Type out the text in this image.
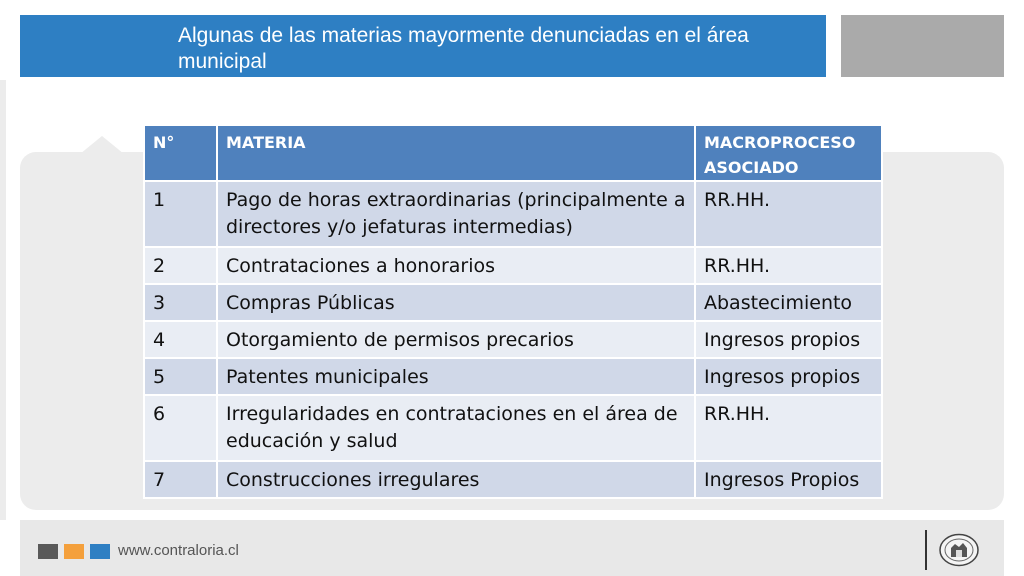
Algunas de las materias mayormente denunciadas en el área municipal
N°	MATERIA	MACROPROCESO ASOCIADO
1	Pago de horas extraordinarias (principalmente a directores y/o jefaturas intermedias)	RR.HH.
2	Contrataciones a honorarios	RR.HH.
3	Compras Públicas	Abastecimiento
4	Otorgamiento de permisos precarios	Ingresos propios
5	Patentes municipales	Ingresos propios
6	Irregularidades en contrataciones en el área de educación y salud	RR.HH.
7	Construcciones irregulares	Ingresos Propios
www.contraloria.cl
